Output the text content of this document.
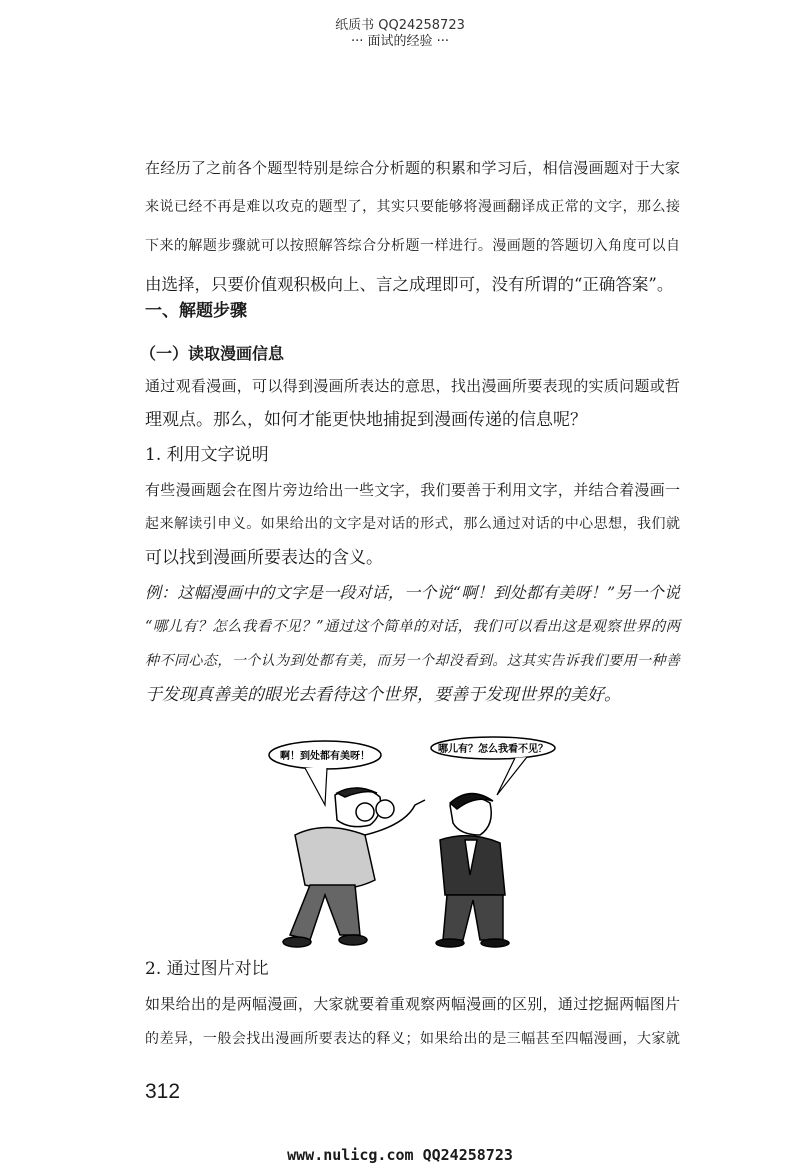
纸质书 QQ24258723
··· 面试的经验 ···
在经历了之前各个题型特别是综合分析题的积累和学习后，相信漫画题对于大家
来说已经不再是难以攻克的题型了，其实只要能够将漫画翻译成正常的文字，那么接
下来的解题步骤就可以按照解答综合分析题一样进行。漫画题的答题切入角度可以自
由选择，只要价值观积极向上、言之成理即可，没有所谓的“正确答案”。
一、解题步骤
（一）读取漫画信息
通过观看漫画，可以得到漫画所表达的意思，找出漫画所要表现的实质问题或哲
理观点。那么，如何才能更快地捕捉到漫画传递的信息呢？
1. 利用文字说明
有些漫画题会在图片旁边给出一些文字，我们要善于利用文字，并结合着漫画一
起来解读引申义。如果给出的文字是对话的形式，那么通过对话的中心思想，我们就
可以找到漫画所要表达的含义。
例：这幅漫画中的文字是一段对话，一个说“啊！到处都有美呀！”另一个说
“哪儿有？怎么我看不见？”通过这个简单的对话，我们可以看出这是观察世界的两
种不同心态，一个认为到处都有美，而另一个却没看到。这其实告诉我们要用一种善
于发现真善美的眼光去看待这个世界，要善于发现世界的美好。
啊！到处都有美呀！
哪儿有？怎么我看不见？
2. 通过图片对比
如果给出的是两幅漫画，大家就要着重观察两幅漫画的区别，通过挖掘两幅图片
的差异，一般会找出漫画所要表达的释义；如果给出的是三幅甚至四幅漫画，大家就
312
www.nulicg.com QQ24258723
